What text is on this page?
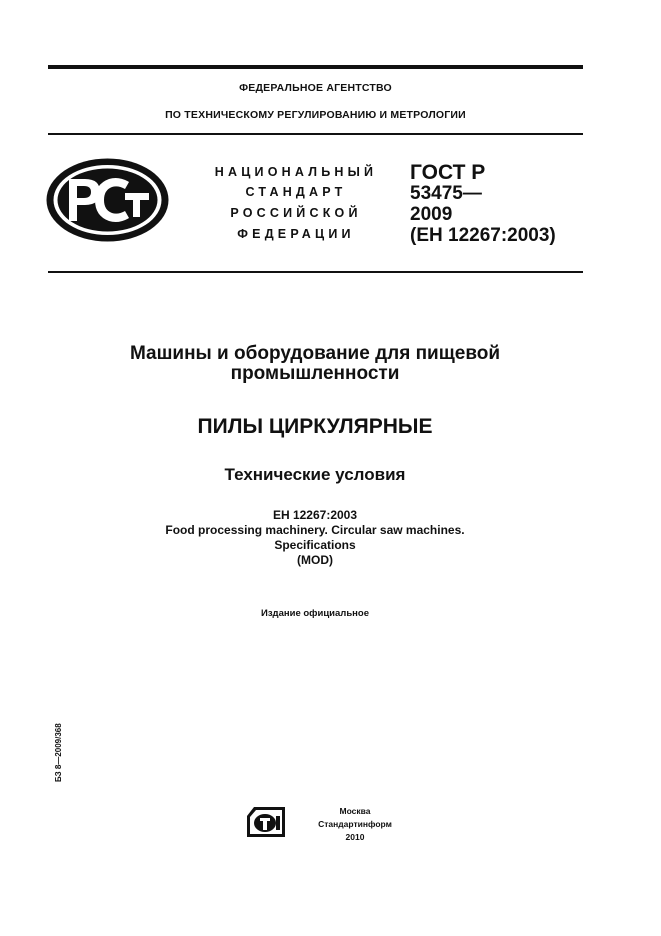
ФЕДЕРАЛЬНОЕ АГЕНТСТВО
ПО ТЕХНИЧЕСКОМУ РЕГУЛИРОВАНИЮ И МЕТРОЛОГИИ
НАЦИОНАЛЬНЫЙ
СТАНДАРТ
РОССИЙСКОЙ
ФЕДЕРАЦИИ
ГОСТ Р
53475—
2009
(ЕН 12267:2003)
Машины и оборудование для пищевой
промышленности
ПИЛЫ ЦИРКУЛЯРНЫЕ
Технические условия
ЕН 12267:2003
Food processing machinery. Circular saw machines.
Specifications
(MOD)
Издание официальное
БЗ 8—2009/368
Москва
Стандартинформ
2010
